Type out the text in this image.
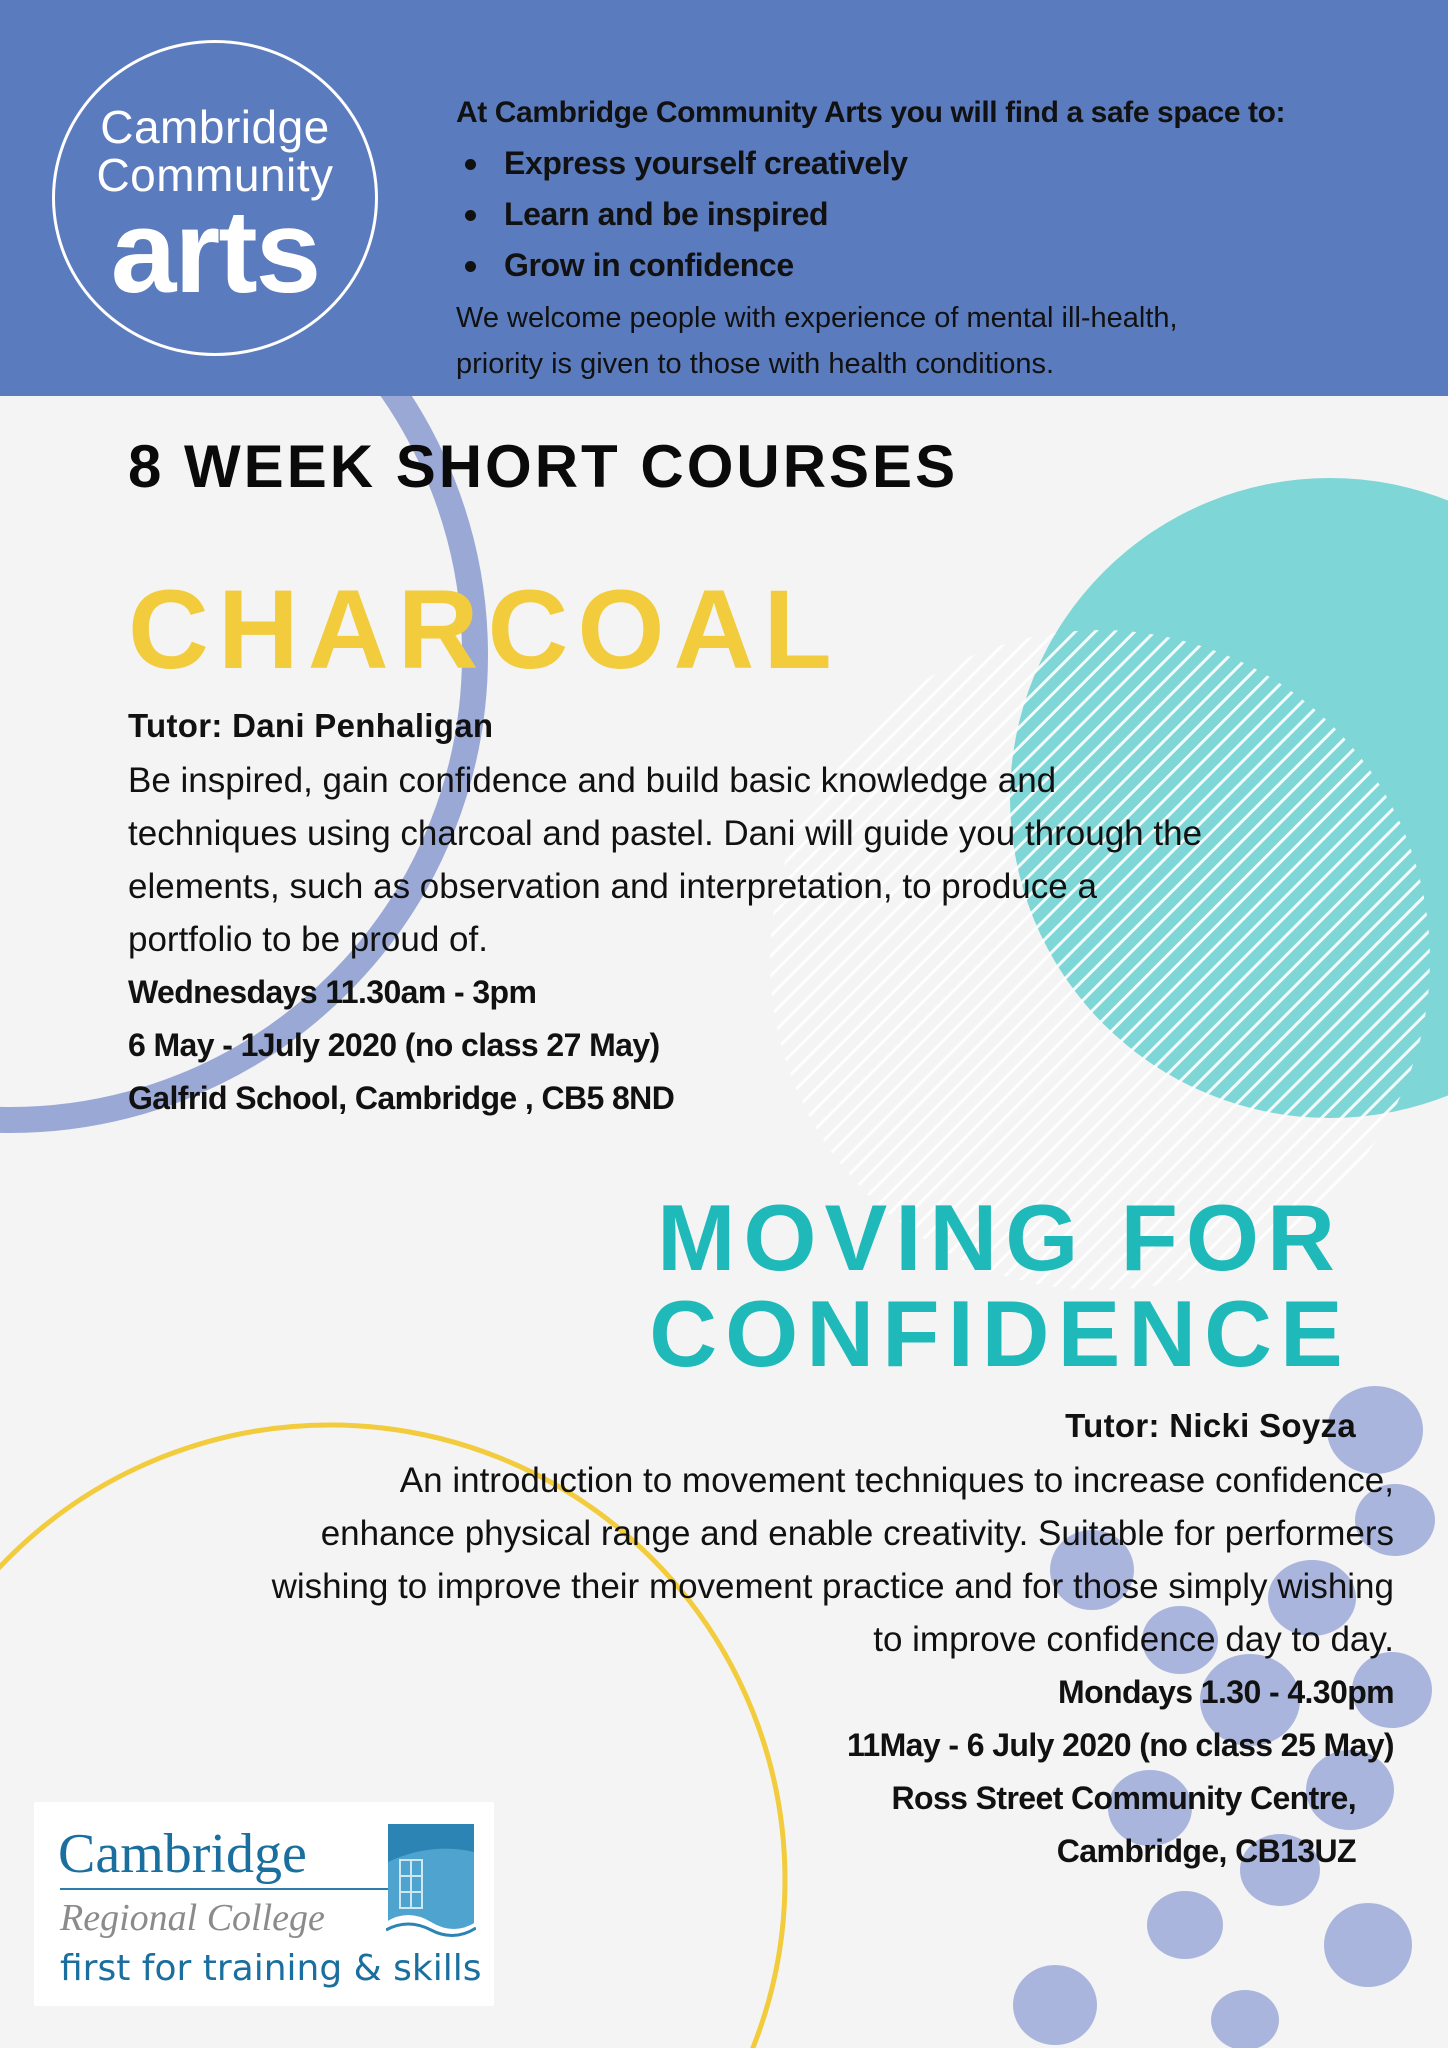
Cambridge
Community
arts
At Cambridge Community Arts you will find a safe space to:
Express yourself creatively
Learn and be inspired
Grow in confidence
We welcome people with experience of mental ill-health,
priority is given to those with health conditions.
8 WEEK SHORT COURSES
CHARCOAL
Tutor: Dani Penhaligan
Be inspired, gain confidence and build basic knowledge and
techniques using charcoal and pastel. Dani will guide you through the
elements, such as observation and interpretation, to produce a
portfolio to be proud of.
Wednesdays 11.30am - 3pm
6 May - 1July 2020 (no class 27 May)
Galfrid School, Cambridge , CB5 8ND
MOVING FOR
CONFIDENCE
Tutor: Nicki Soyza
An introduction to movement techniques to increase confidence,
enhance physical range and enable creativity. Suitable for performers
wishing to improve their movement practice and for those simply wishing
to improve confidence day to day.
Mondays 1.30 - 4.30pm
11May - 6 July 2020 (no class 25 May)
Ross Street Community Centre,
Cambridge, CB13UZ
Cambridge
Regional College
first for training & skills
